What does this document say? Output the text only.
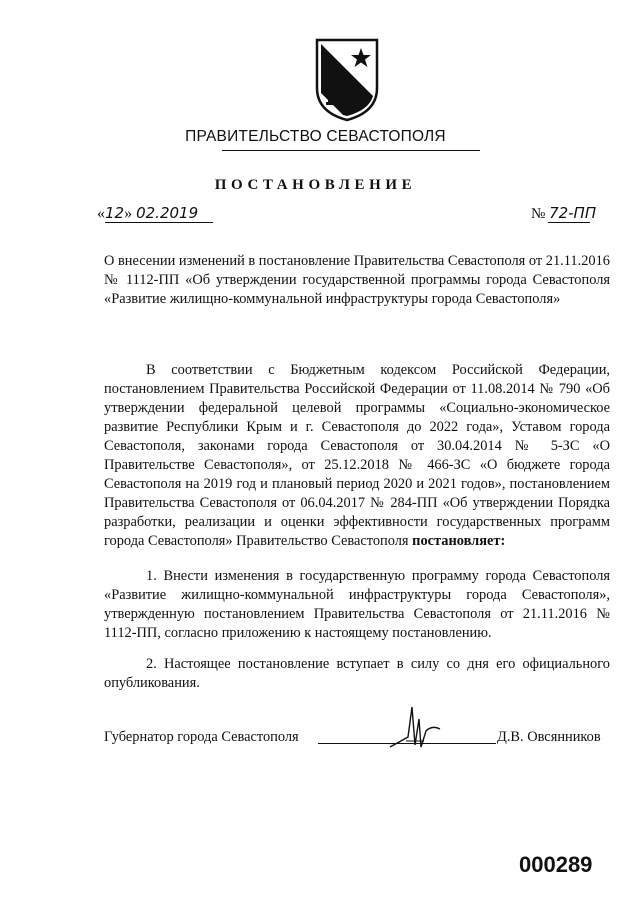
ПРАВИТЕЛЬСТВО СЕВАСТОПОЛЯ
ПОСТАНОВЛЕНИЕ
«12» 02.2019	№ 72-ПП
О внесении изменений в постановление Правительства Севастополя от 21.11.2016 № 1112-ПП «Об утверждении государственной программы города Севастополя «Развитие жилищно-коммунальной инфраструктуры города Севастополя»
В соответствии с Бюджетным кодексом Российской Федерации, постановлением Правительства Российской Федерации от 11.08.2014 № 790 «Об утверждении федеральной целевой программы «Социально-экономическое развитие Республики Крым и г. Севастополя до 2022 года», Уставом города Севастополя, законами города Севастополя от 30.04.2014 № 5-ЗС «О Правительстве Севастополя», от 25.12.2018 № 466-ЗС «О бюджете города Севастополя на 2019 год и плановый период 2020 и 2021 годов», постановлением Правительства Севастополя от 06.04.2017 № 284-ПП «Об утверждении Порядка разработки, реализации и оценки эффективности государственных программ города Севастополя» Правительство Севастополя постановляет:
1. Внести изменения в государственную программу города Севастополя «Развитие жилищно-коммунальной инфраструктуры города Севастополя», утвержденную постановлением Правительства Севастополя от 21.11.2016 № 1112-ПП, согласно приложению к настоящему постановлению.
2. Настоящее постановление вступает в силу со дня его официального опубликования.
Губернатор города Севастополя	Д.В. Овсянников
000289
